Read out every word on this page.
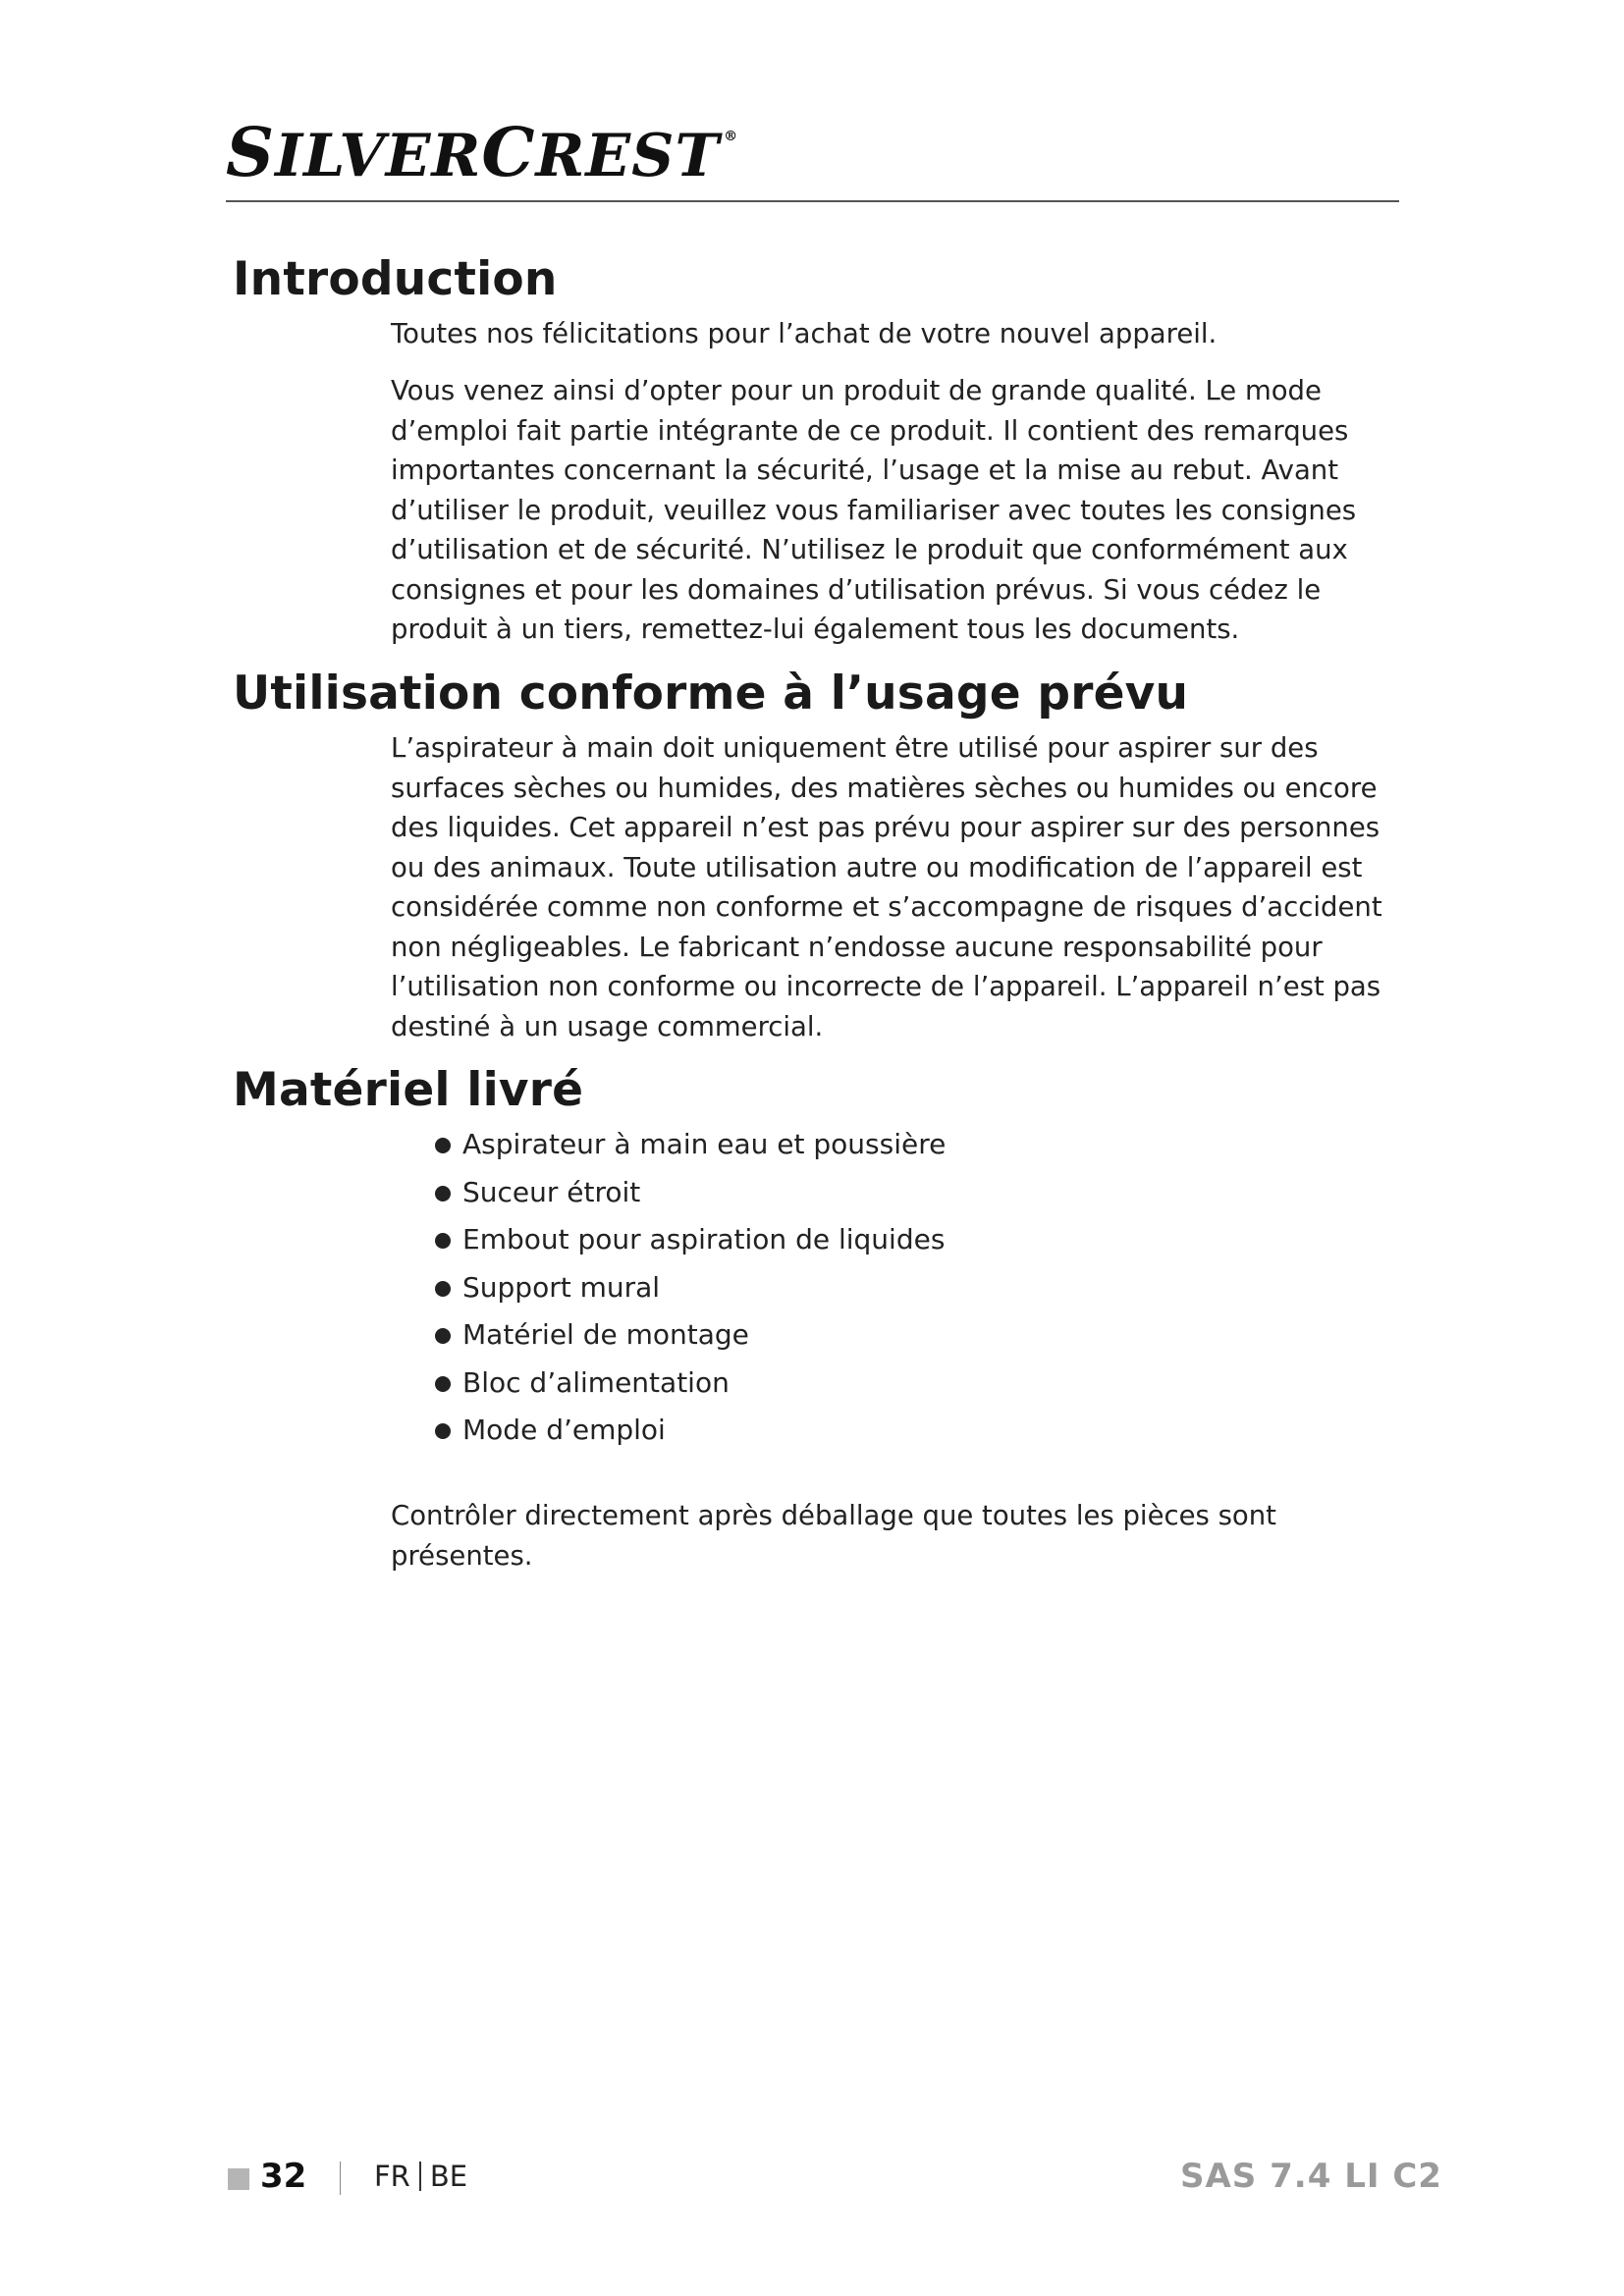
SILVERCREST ®
Introduction

Toutes nos félicitations pour l’achat de votre nouvel appareil.

Vous venez ainsi d’opter pour un produit de grande qualité. Le mode d’emploi fait partie intégrante de ce produit. Il contient des remarques importantes concernant la sécurité, l’usage et la mise au rebut. Avant d’utiliser le produit, veuillez vous familiariser avec toutes les consignes d’utilisation et de sécurité. N’utilisez le produit que conformément aux consignes et pour les domaines d’utilisation prévus. Si vous cédez le produit à un tiers, remettez-lui également tous les documents.

Utilisation conforme à l’usage prévu

L’aspirateur à main doit uniquement être utilisé pour aspirer sur des surfaces sèches ou humides, des matières sèches ou humides ou encore des liquides. Cet appareil n’est pas prévu pour aspirer sur des personnes ou des animaux. Toute utilisation autre ou modification de l’appareil est considérée comme non conforme et s’accompagne de risques d’accident non négligeables. Le fabricant n’endosse aucune responsabilité pour l’utilisation non conforme ou incorrecte de l’appareil. L’appareil n’est pas destiné à un usage commercial.

Matériel livré
Aspirateur à main eau et poussière
Suceur étroit
Embout pour aspiration de liquides
Support mural
Matériel de montage
Bloc d’alimentation
Mode d’emploi

Contrôler directement après déballage que toutes les pièces sont présentes.

32 FR BE	SAS 7.4 LI C2
